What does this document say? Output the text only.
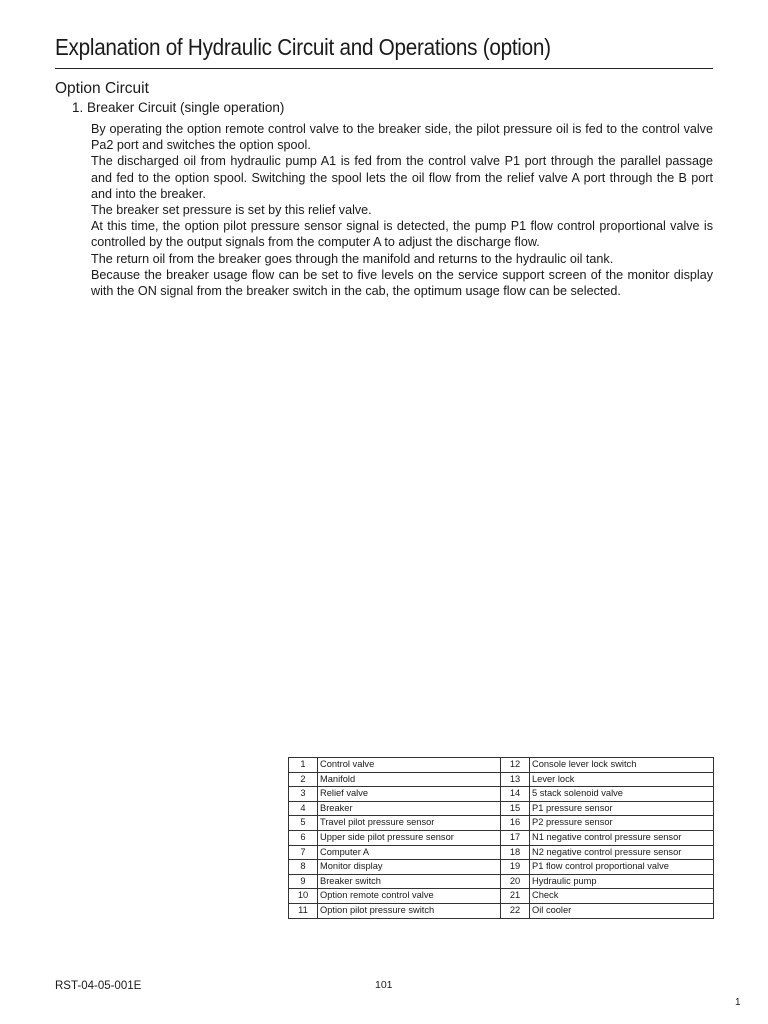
Explanation of Hydraulic Circuit and Operations (option)
Option Circuit
1. Breaker Circuit (single operation)

By operating the option remote control valve to the breaker side, the pilot pressure oil is fed to the control valve Pa2 port and switches the option spool.

The discharged oil from hydraulic pump A1 is fed from the control valve P1 port through the parallel passage and fed to the option spool. Switching the spool lets the oil flow from the relief valve A port through the B port and into the breaker.

The breaker set pressure is set by this relief valve.

At this time, the option pilot pressure sensor signal is detected, the pump P1 flow control proportional valve is controlled by the output signals from the computer A to adjust the discharge flow.

The return oil from the breaker goes through the manifold and returns to the hydraulic oil tank.

Because the breaker usage flow can be set to five levels on the service support screen of the monitor display with the ON signal from the breaker switch in the cab, the optimum usage flow can be selected.

1	Control valve	12	Console lever lock switch
2	Manifold	13	Lever lock
3	Relief valve	14	5 stack solenoid valve
4	Breaker	15	P1 pressure sensor
5	Travel pilot pressure sensor	16	P2 pressure sensor
6	Upper side pilot pressure sensor	17	N1 negative control pressure sensor
7	Computer A	18	N2 negative control pressure sensor
8	Monitor display	19	P1 flow control proportional valve
9	Breaker switch	20	Hydraulic pump
10	Option remote control valve	21	Check
11	Option pilot pressure switch	22	Oil cooler
RST-04-05-001E	101
1
